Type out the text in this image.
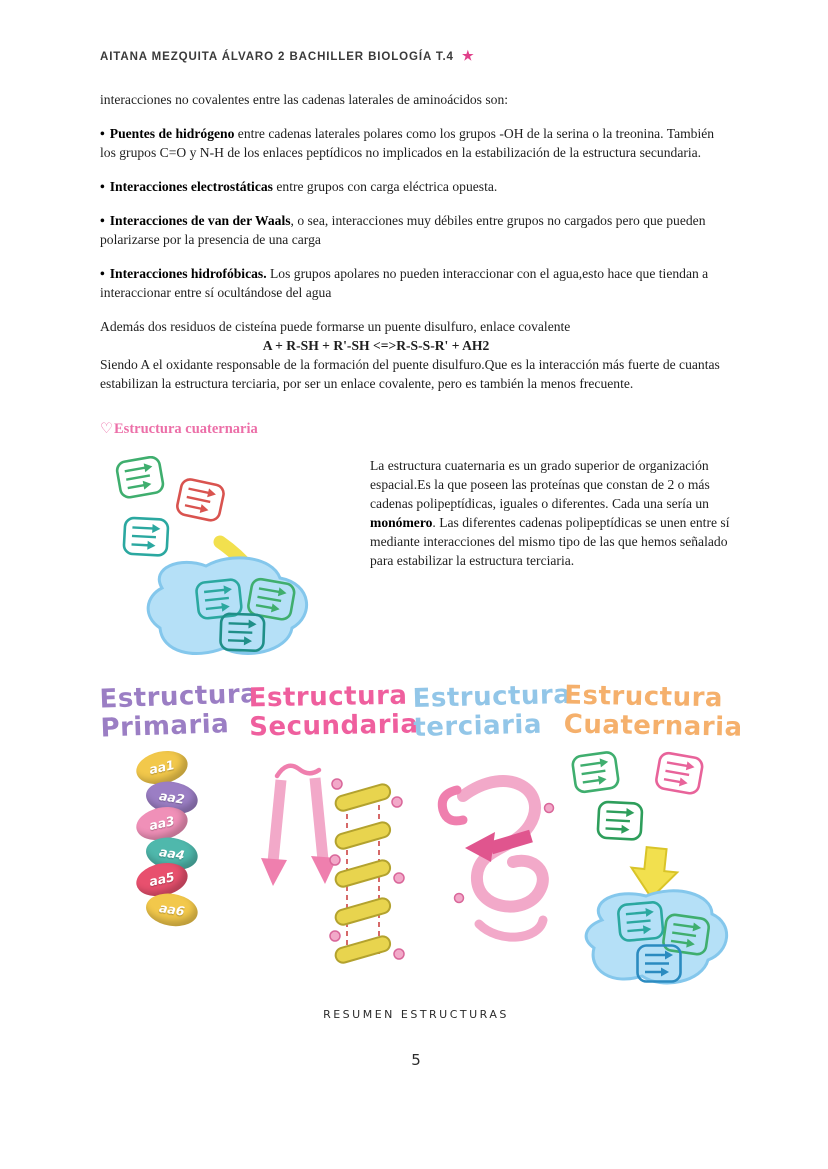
AITANA MEZQUITA ÁLVARO 2 BACHILLER BIOLOGÍA T.4 ★

interacciones no covalentes entre las cadenas laterales de aminoácidos son:

• Puentes de hidrógeno entre cadenas laterales polares como los grupos -OH de la serina o la treonina. También los grupos C=O y N-H de los enlaces peptídicos no implicados en la estabilización de la estructura secundaria.

• Interacciones electrostáticas entre grupos con carga eléctrica opuesta.

• Interacciones de van der Waals, o sea, interacciones muy débiles entre grupos no cargados pero que pueden polarizarse por la presencia de una carga

• Interacciones hidrofóbicas. Los grupos apolares no pueden interaccionar con el agua,esto hace que tiendan a interaccionar entre sí ocultándose del agua

Además dos residuos de cisteína puede formarse un puente disulfuro, enlace covalente
A + R-SH + R'-SH <=>R-S-S-R' + AH2
Siendo A el oxidante responsable de la formación del puente disulfuro.Que es la interacción más fuerte de cuantas estabilizan la estructura terciaria, por ser un enlace covalente, pero es también la menos frecuente.
♡Estructura cuaternaria
La estructura cuaternaria es un grado superior de organización espacial.Es la que poseen las proteínas que constan de 2 o más cadenas polipeptídicas, iguales o diferentes. Cada una sería un monómero. Las diferentes cadenas polipeptídicas se unen entre sí mediante interacciones del mismo tipo de las que hemos señalado para estabilizar la estructura terciaria.
Estructura
Primaria
aa1
aa2
aa3
aa4
aa5
aa6
Estructura
Secundaria
Estructura
terciaria
Estructura
Cuaternaria
RESUMEN ESTRUCTURAS
5
